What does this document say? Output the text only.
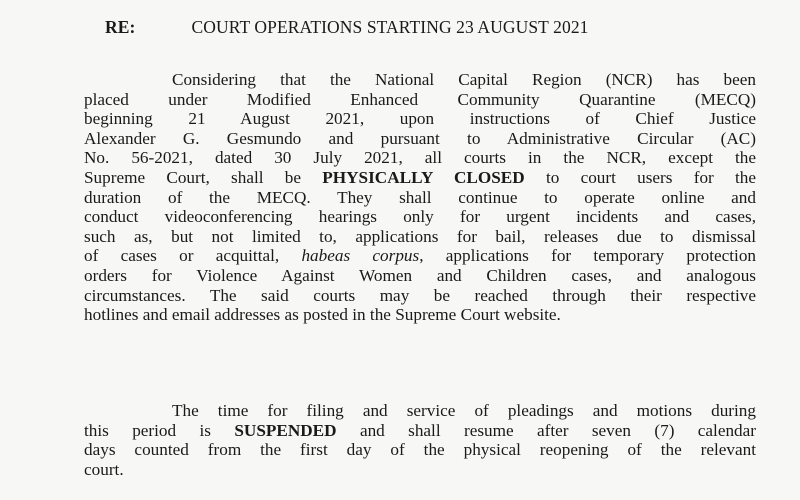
RE:	COURT OPERATIONS STARTING 23 AUGUST 2021
Considering that the National Capital Region (NCR) has been
placed under Modified Enhanced Community Quarantine (MECQ)
beginning 21 August 2021, upon instructions of Chief Justice
Alexander G. Gesmundo and pursuant to Administrative Circular (AC)
No. 56-2021, dated 30 July 2021, all courts in the NCR, except the
Supreme Court, shall be PHYSICALLY CLOSED to court users for the
duration of the MECQ. They shall continue to operate online and
conduct videoconferencing hearings only for urgent incidents and cases,
such as, but not limited to, applications for bail, releases due to dismissal
of cases or acquittal, habeas corpus, applications for temporary protection
orders for Violence Against Women and Children cases, and analogous
circumstances. The said courts may be reached through their respective
hotlines and email addresses as posted in the Supreme Court website.
The time for filing and service of pleadings and motions during
this period is SUSPENDED and shall resume after seven (7) calendar
days counted from the first day of the physical reopening of the relevant
court.
